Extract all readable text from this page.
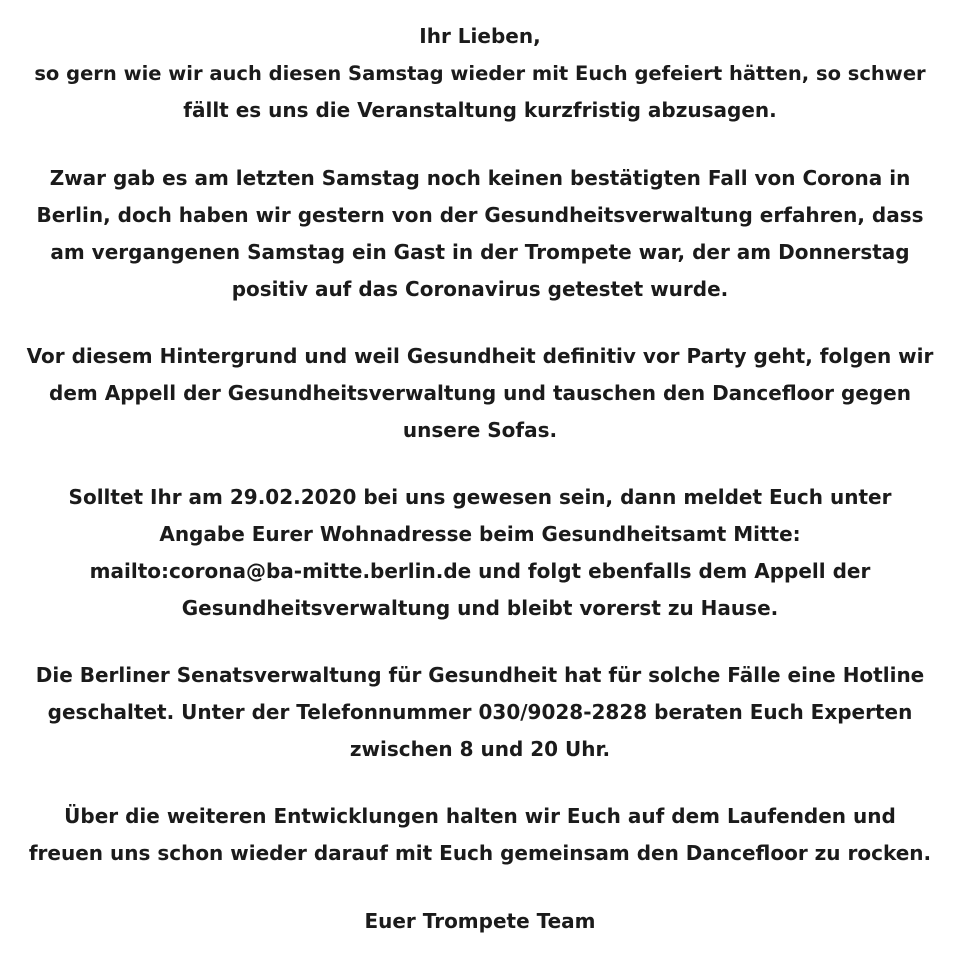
Ihr Lieben,

so gern wie wir auch diesen Samstag wieder mit Euch gefeiert hätten, so schwer

fällt es uns die Veranstaltung kurzfristig abzusagen.

Zwar gab es am letzten Samstag noch keinen bestätigten Fall von Corona in

Berlin, doch haben wir gestern von der Gesundheitsverwaltung erfahren, dass

am vergangenen Samstag ein Gast in der Trompete war, der am Donnerstag

positiv auf das Coronavirus getestet wurde.

Vor diesem Hintergrund und weil Gesundheit definitiv vor Party geht, folgen wir

dem Appell der Gesundheitsverwaltung und tauschen den Dancefloor gegen

unsere Sofas.

Solltet Ihr am 29.02.2020 bei uns gewesen sein, dann meldet Euch unter

Angabe Eurer Wohnadresse beim Gesundheitsamt Mitte:

mailto:corona@ba-mitte.berlin.de und folgt ebenfalls dem Appell der

Gesundheitsverwaltung und bleibt vorerst zu Hause.

Die Berliner Senatsverwaltung für Gesundheit hat für solche Fälle eine Hotline

geschaltet. Unter der Telefonnummer 030/9028-2828 beraten Euch Experten

zwischen 8 und 20 Uhr.

Über die weiteren Entwicklungen halten wir Euch auf dem Laufenden und

freuen uns schon wieder darauf mit Euch gemeinsam den Dancefloor zu rocken.

Euer Trompete Team
